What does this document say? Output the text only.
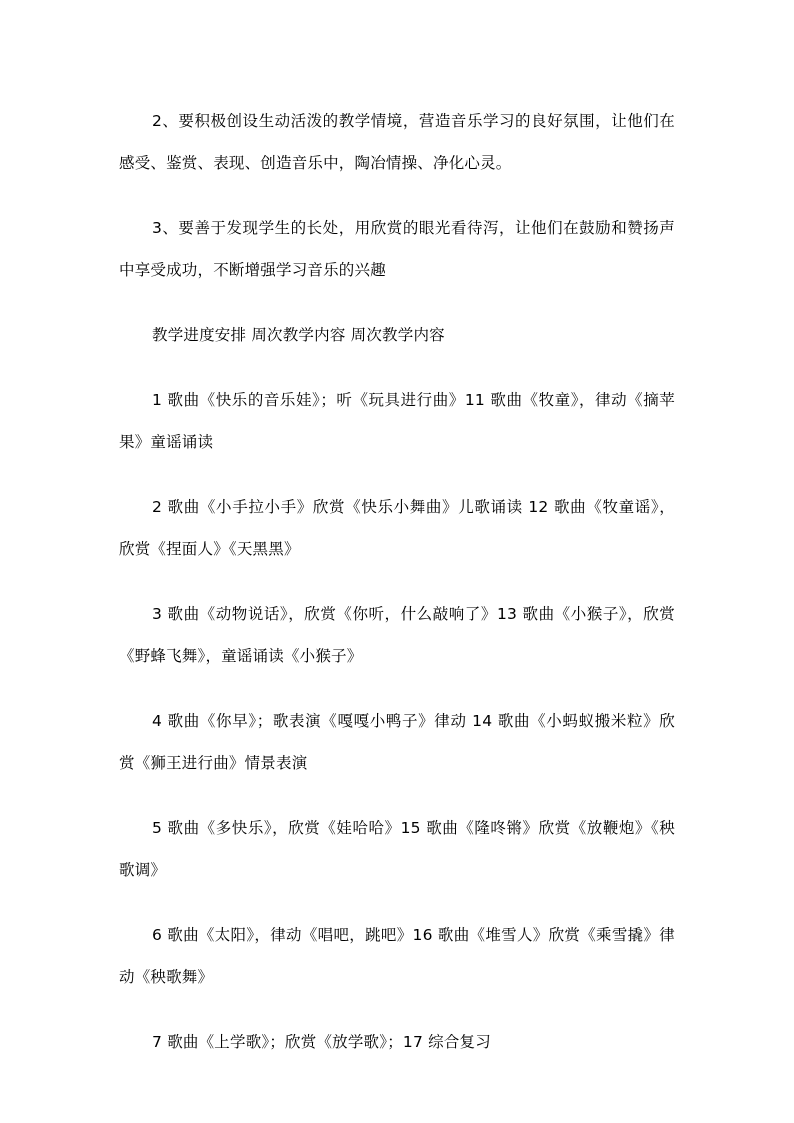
2、要积极创设生动活泼的教学情境，营造音乐学习的良好氛围，让他们在感受、鉴赏、表现、创造音乐中，陶冶情操、净化心灵。

3、要善于发现学生的长处，用欣赏的眼光看待泻，让他们在鼓励和赞扬声中享受成功，不断增强学习音乐的兴趣

教学进度安排 周次教学内容 周次教学内容

1 歌曲《快乐的音乐娃》；听《玩具进行曲》11 歌曲《牧童》，律动《摘苹果》童谣诵读

2 歌曲《小手拉小手》欣赏《快乐小舞曲》儿歌诵读 12 歌曲《牧童谣》，欣赏《捏面人》《天黑黑》

3 歌曲《动物说话》，欣赏《你听，什么敲响了》13 歌曲《小猴子》，欣赏《野蜂飞舞》，童谣诵读《小猴子》

4 歌曲《你早》；歌表演《嘎嘎小鸭子》律动 14 歌曲《小蚂蚁搬米粒》欣赏《狮王进行曲》情景表演

5 歌曲《多快乐》，欣赏《娃哈哈》15 歌曲《隆咚锵》欣赏《放鞭炮》《秧歌调》

6 歌曲《太阳》，律动《唱吧，跳吧》16 歌曲《堆雪人》欣赏《乘雪撬》律动《秧歌舞》

7 歌曲《上学歌》；欣赏《放学歌》；17 综合复习
